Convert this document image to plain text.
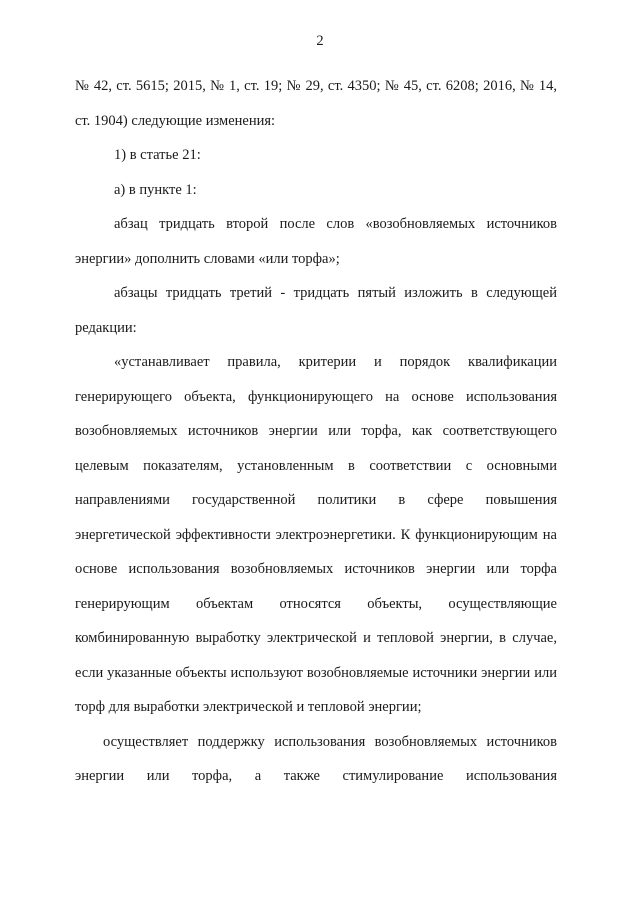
2

№ 42, ст. 5615; 2015, № 1, ст. 19; № 29, ст. 4350; № 45, ст. 6208; 2016, № 14, ст. 1904) следующие изменения:

1) в статье 21:

а) в пункте 1:

абзац тридцать второй после слов «возобновляемых источников энергии» дополнить словами «или торфа»;

абзацы тридцать третий - тридцать пятый изложить в следующей редакции:

«устанавливает правила, критерии и порядок квалификации генерирующего объекта, функционирующего на основе использования возобновляемых источников энергии или торфа, как соответствующего целевым показателям, установленным в соответствии с основными направлениями государственной политики в сфере повышения энергетической эффективности электроэнергетики. К функционирующим на основе использования возобновляемых источников энергии или торфа генерирующим объектам относятся объекты, осуществляющие комбинированную выработку электрической и тепловой энергии, в случае, если указанные объекты используют возобновляемые источники энергии или торф для выработки электрической и тепловой энергии;

осуществляет поддержку использования возобновляемых источников энергии или торфа, а также стимулирование использования
